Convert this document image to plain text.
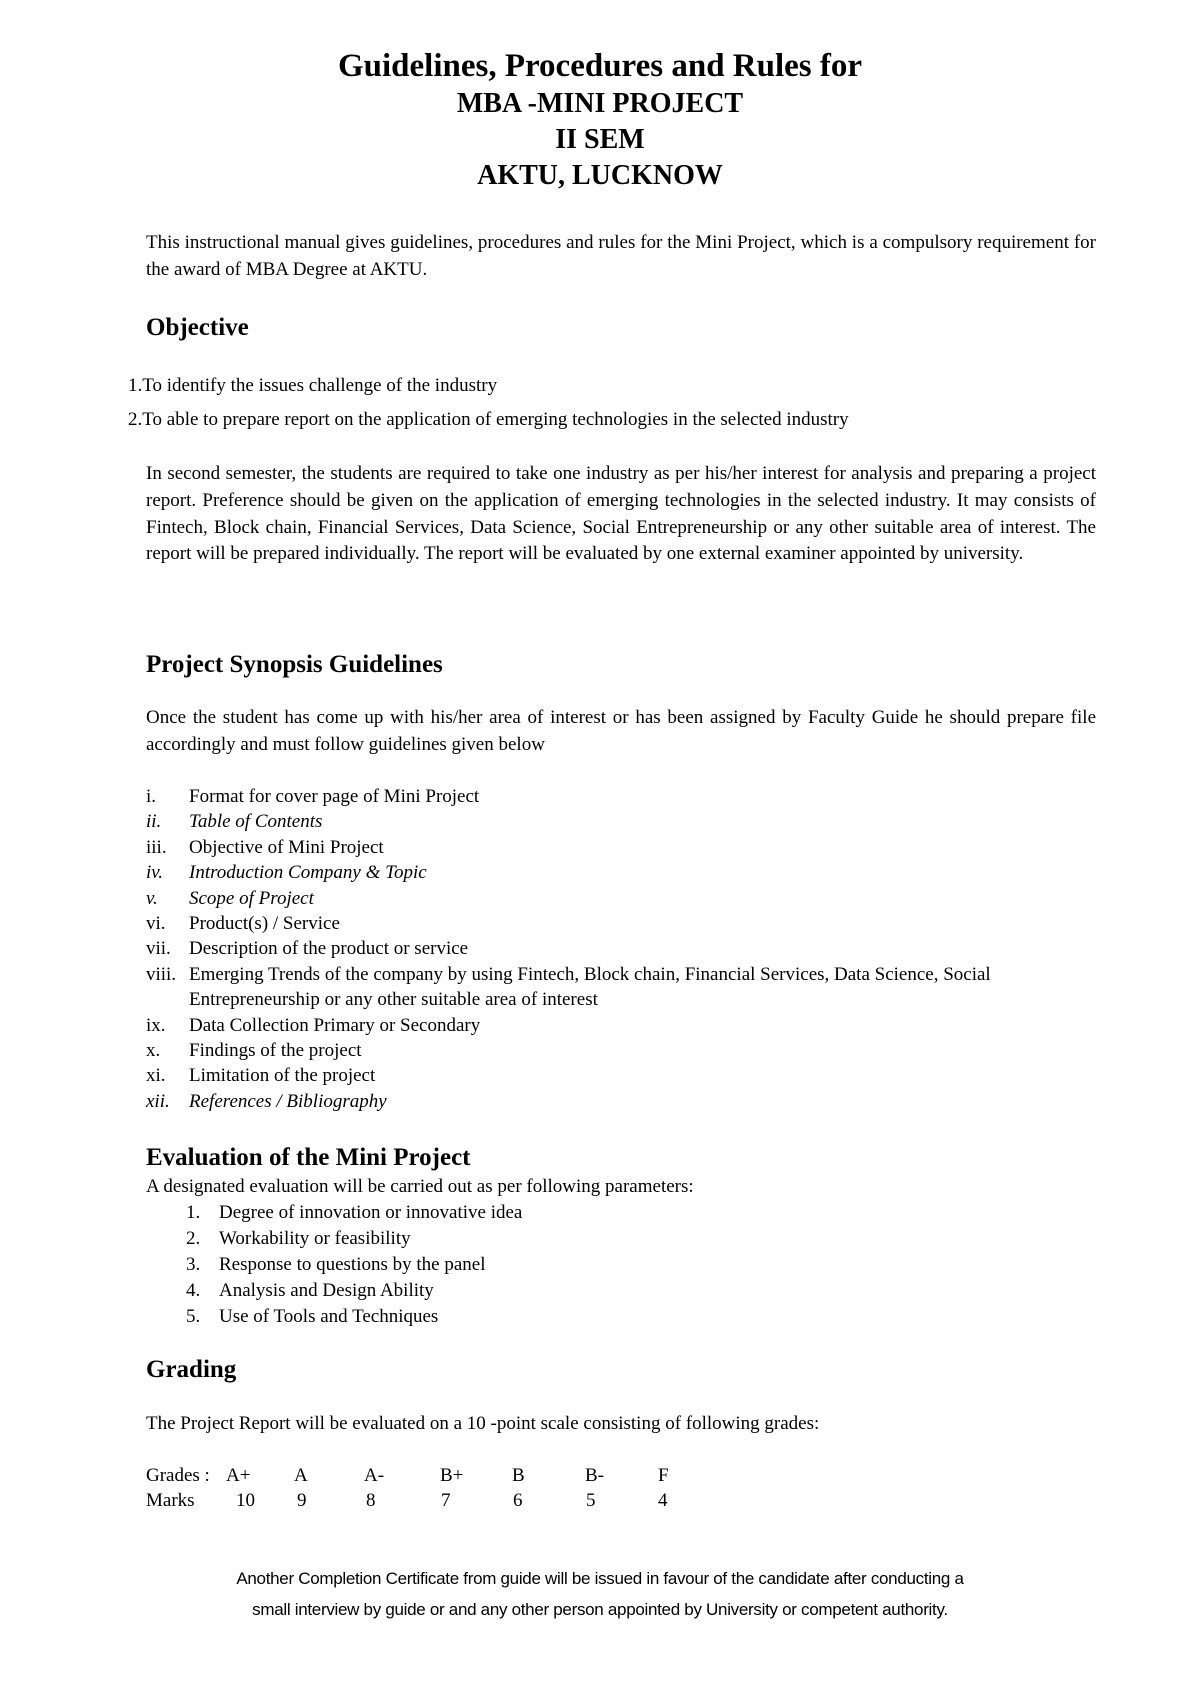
Guidelines, Procedures and Rules for
MBA -MINI PROJECT
II SEM
AKTU, LUCKNOW
This instructional manual gives guidelines, procedures and rules for the Mini Project, which is a compulsory requirement for the award of MBA Degree at AKTU.
Objective
1.To identify the issues challenge of the industry
2.To able to prepare report on the application of emerging technologies in the selected industry
In second semester, the students are required to take one industry as per his/her interest for analysis and preparing a project report. Preference should be given on the application of emerging technologies in the selected industry. It may consists of Fintech, Block chain, Financial Services, Data Science, Social Entrepreneurship or any other suitable area of interest. The report will be prepared individually. The report will be evaluated by one external examiner appointed by university.
Project Synopsis Guidelines
Once the student has come up with his/her area of interest or has been assigned by Faculty Guide he should prepare file accordingly and must follow guidelines given below
i. Format for cover page of Mini Project
ii. Table of Contents
iii. Objective of Mini Project
iv. Introduction Company & Topic
v. Scope of Project
vi. Product(s) / Service
vii. Description of the product or service
viii. Emerging Trends of the company by using Fintech, Block chain, Financial Services, Data Science, Social Entrepreneurship or any other suitable area of interest
ix. Data Collection Primary or Secondary
x. Findings of the project
xi. Limitation of the project
xii. References / Bibliography
Evaluation of the Mini Project
A designated evaluation will be carried out as per following parameters:
1. Degree of innovation or innovative idea
2. Workability or feasibility
3. Response to questions by the panel
4. Analysis and Design Ability
5. Use of Tools and Techniques
Grading
The Project Report will be evaluated on a 10 -point scale consisting of following grades:
Grades :
Marks
A+
10
A
9
A-
8
B+
7
B
6
B-
5
F
4
Another Completion Certificate from guide will be issued in favour of the candidate after conducting a
small interview by guide or and any other person appointed by University or competent authority.
